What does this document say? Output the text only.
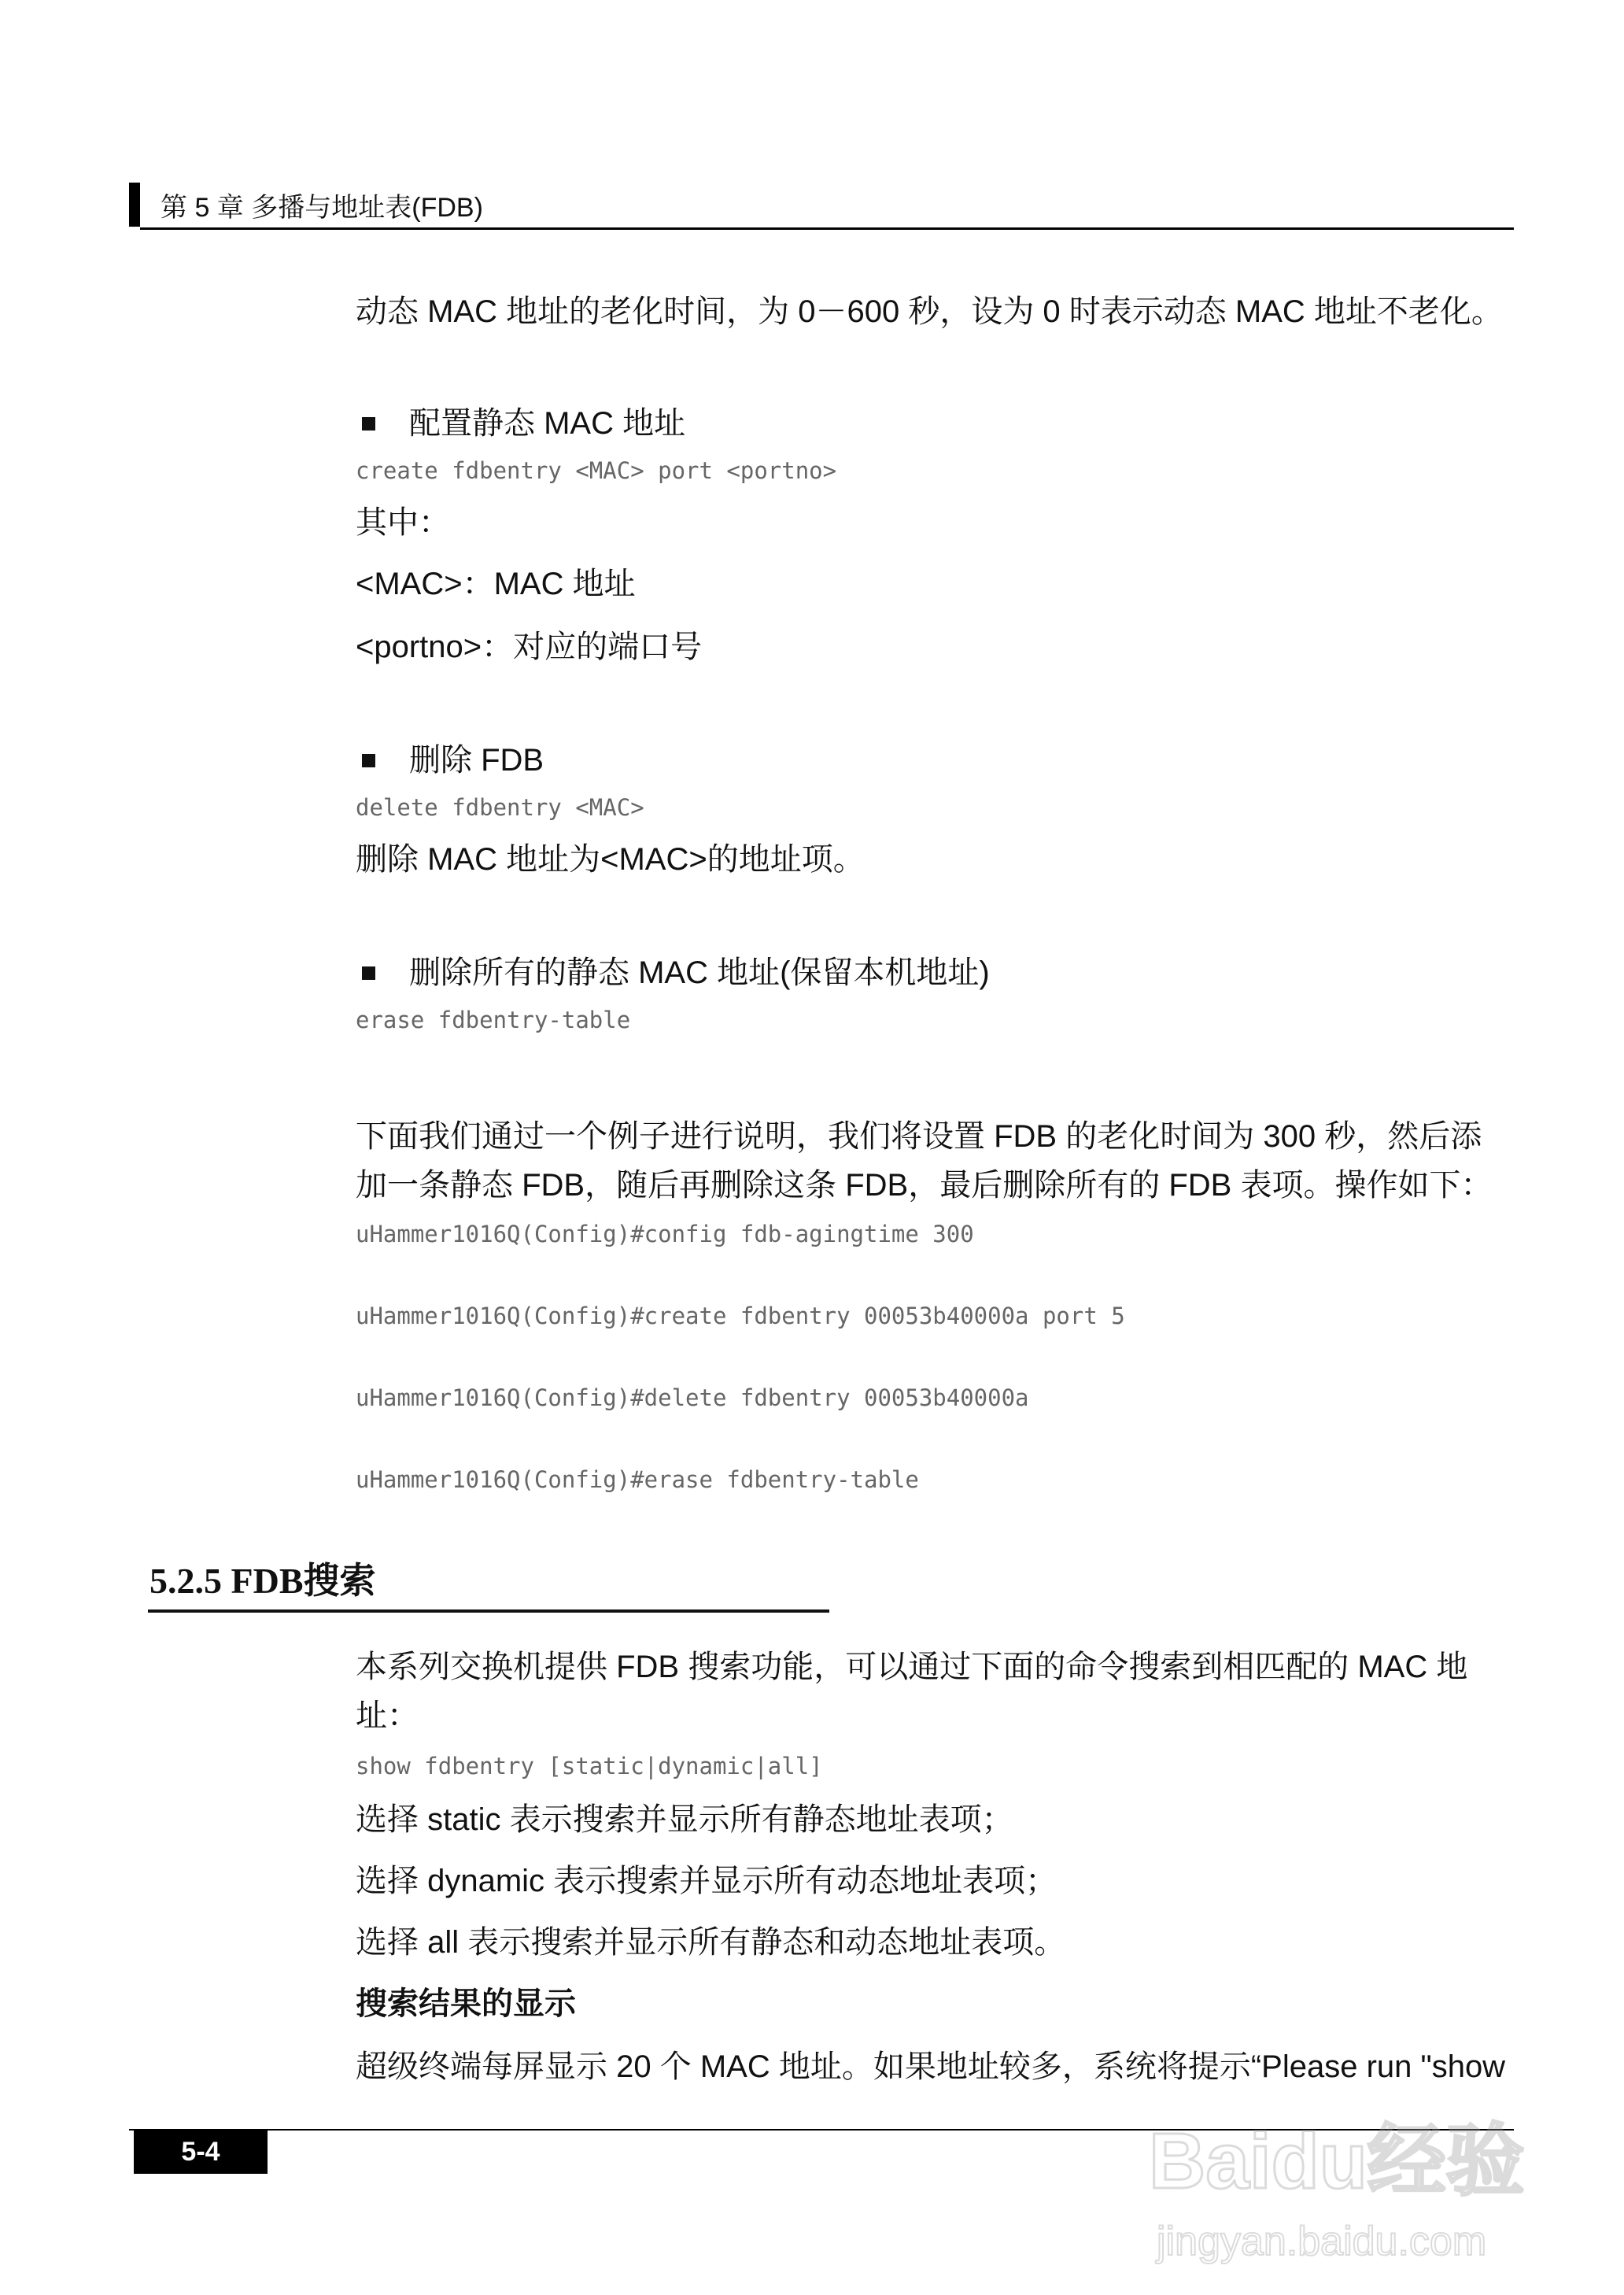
第 5 章 多播与地址表(FDB)
动态 MAC 地址的老化时间，为 0－600 秒，设为 0 时表示动态 MAC 地址不老化。
配置静态 MAC 地址
create fdbentry <MAC> port <portno>
其中：
<MAC>：MAC 地址
<portno>：对应的端口号
删除 FDB
delete fdbentry <MAC>
删除 MAC 地址为<MAC>的地址项。
删除所有的静态 MAC 地址(保留本机地址)
erase fdbentry-table
下面我们通过一个例子进行说明，我们将设置 FDB 的老化时间为 300 秒，然后添
加一条静态 FDB，随后再删除这条 FDB，最后删除所有的 FDB 表项。操作如下：
uHammer1016Q(Config)#config fdb-agingtime 300
uHammer1016Q(Config)#create fdbentry 00053b40000a port 5
uHammer1016Q(Config)#delete fdbentry 00053b40000a
uHammer1016Q(Config)#erase fdbentry-table
5.2.5 FDB搜索
本系列交换机提供 FDB 搜索功能，可以通过下面的命令搜索到相匹配的 MAC 地
址：
show fdbentry [static|dynamic|all]
选择 static 表示搜索并显示所有静态地址表项；
选择 dynamic 表示搜索并显示所有动态地址表项；
选择 all 表示搜索并显示所有静态和动态地址表项。
搜索结果的显示
超级终端每屏显示 20 个 MAC 地址。如果地址较多，系统将提示“Please run "show
5-4	Baidu经验
jingyan.baidu.com
